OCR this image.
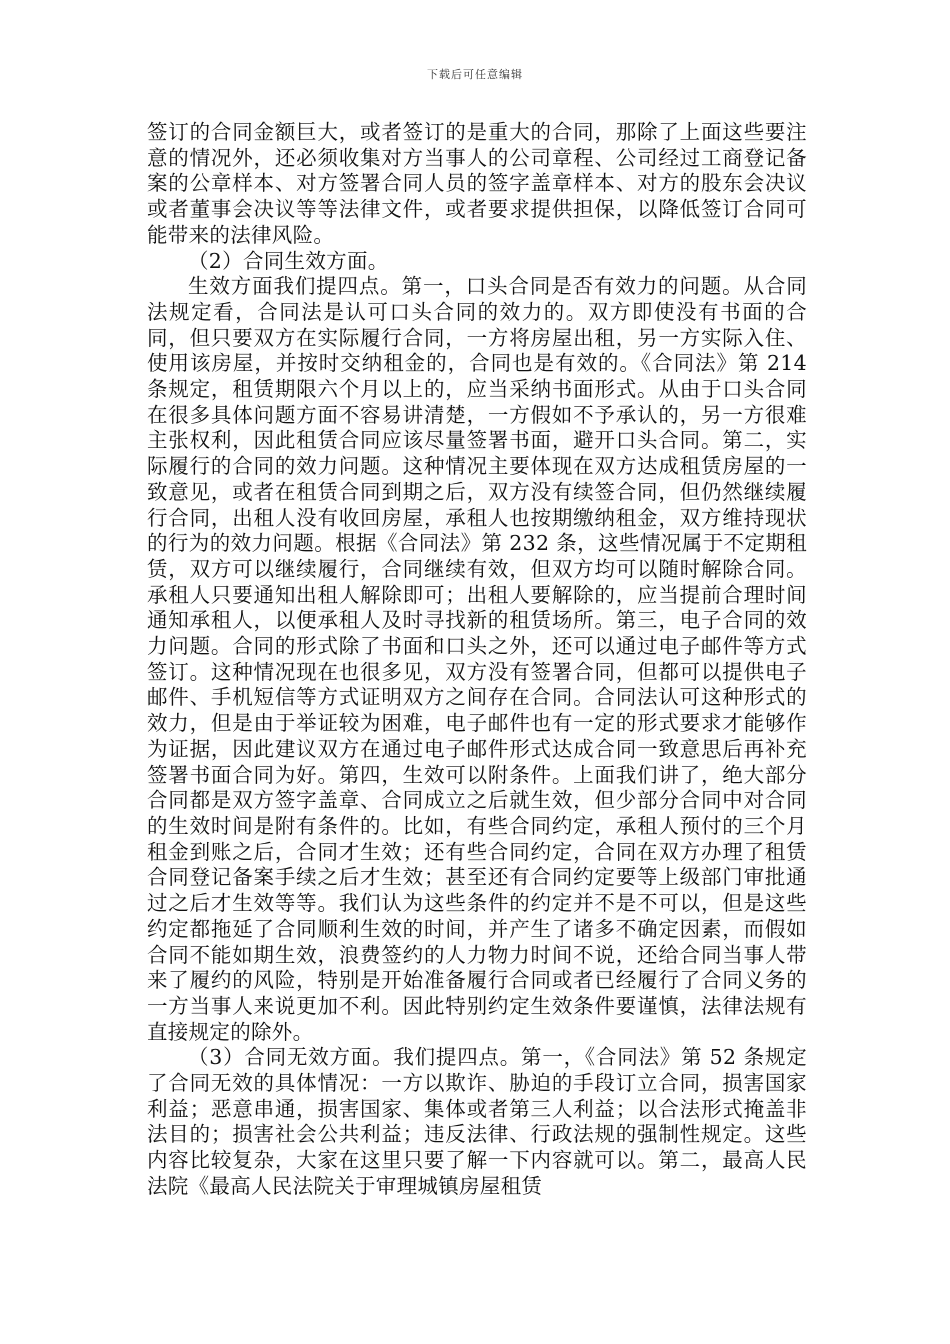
下载后可任意编辑

签订的合同金额巨大，或者签订的是重大的合同，那除了上面这些要注意的情况外，还必须收集对方当事人的公司章程、公司经过工商登记备案的公章样本、对方签署合同人员的签字盖章样本、对方的股东会决议或者董事会决议等等法律文件，或者要求提供担保，以降低签订合同可能带来的法律风险。

（2）合同生效方面。

生效方面我们提四点。第一，口头合同是否有效力的问题。从合同法规定看，合同法是认可口头合同的效力的。双方即使没有书面的合同，但只要双方在实际履行合同，一方将房屋出租，另一方实际入住、使用该房屋，并按时交纳租金的，合同也是有效的。《合同法》第 214 条规定，租赁期限六个月以上的，应当采纳书面形式。从由于口头合同在很多具体问题方面不容易讲清楚，一方假如不予承认的，另一方很难主张权利，因此租赁合同应该尽量签署书面，避开口头合同。第二，实际履行的合同的效力问题。这种情况主要体现在双方达成租赁房屋的一致意见，或者在租赁合同到期之后，双方没有续签合同，但仍然继续履行合同，出租人没有收回房屋，承租人也按期缴纳租金，双方维持现状的行为的效力问题。根据《合同法》第 232 条，这些情况属于不定期租赁，双方可以继续履行，合同继续有效，但双方均可以随时解除合同。承租人只要通知出租人解除即可；出租人要解除的，应当提前合理时间通知承租人，以便承租人及时寻找新的租赁场所。第三，电子合同的效力问题。合同的形式除了书面和口头之外，还可以通过电子邮件等方式签订。这种情况现在也很多见，双方没有签署合同，但都可以提供电子邮件、手机短信等方式证明双方之间存在合同。合同法认可这种形式的效力，但是由于举证较为困难，电子邮件也有一定的形式要求才能够作为证据，因此建议双方在通过电子邮件形式达成合同一致意思后再补充签署书面合同为好。第四，生效可以附条件。上面我们讲了，绝大部分合同都是双方签字盖章、合同成立之后就生效，但少部分合同中对合同的生效时间是附有条件的。比如，有些合同约定，承租人预付的三个月租金到账之后，合同才生效；还有些合同约定，合同在双方办理了租赁合同登记备案手续之后才生效；甚至还有合同约定要等上级部门审批通过之后才生效等等。我们认为这些条件的约定并不是不可以，但是这些约定都拖延了合同顺利生效的时间，并产生了诸多不确定因素，而假如合同不能如期生效，浪费签约的人力物力时间不说，还给合同当事人带来了履约的风险，特别是开始准备履行合同或者已经履行了合同义务的一方当事人来说更加不利。因此特别约定生效条件要谨慎，法律法规有直接规定的除外。

（3）合同无效方面。我们提四点。第一，《合同法》第 52 条规定了合同无效的具体情况：一方以欺诈、胁迫的手段订立合同，损害国家利益；恶意串通，损害国家、集体或者第三人利益；以合法形式掩盖非法目的；损害社会公共利益；违反法律、行政法规的强制性规定。这些内容比较复杂，大家在这里只要了解一下内容就可以。第二，最高人民法院《最高人民法院关于审理城镇房屋租赁
